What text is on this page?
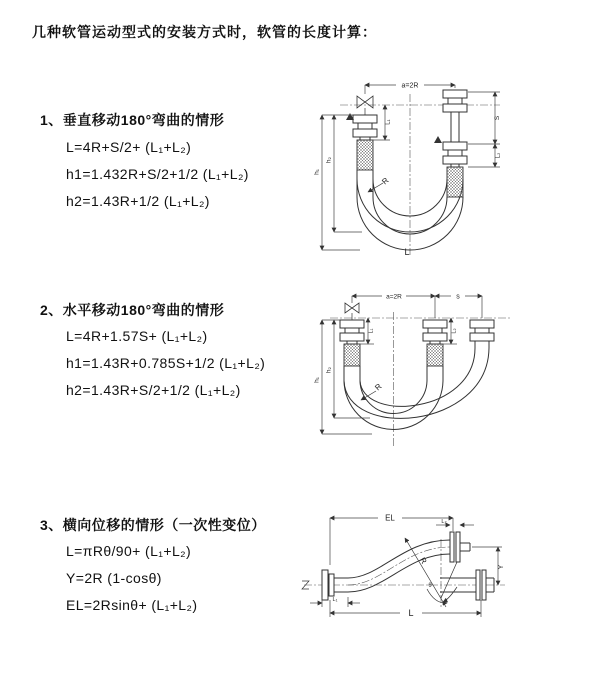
几种软管运动型式的安装方式时，软管的长度计算：
1、垂直移动180°弯曲的情形
L=4R+S/2+ (L₁+L₂)
h1=1.432R+S/2+1/2 (L₁+L₂)
h2=1.43R+1/2 (L₁+L₂)
2、水平移动180°弯曲的情形
L=4R+1.57S+ (L₁+L₂)
h1=1.43R+0.785S+1/2 (L₁+L₂)
h2=1.43R+S/2+1/2 (L₁+L₂)
3、横向位移的情形（一次性变位）
L=πRθ/90+ (L₁+L₂)
Y=2R (1-cosθ)
EL=2Rsinθ+ (L₁+L₂)
a=2R
S
L₂
L₁
h₁
h₂
R
L
a=2R	s
h₁
h₂
L₁	L₂
R
EL	L₂
Y
L
L₁
R
θ
